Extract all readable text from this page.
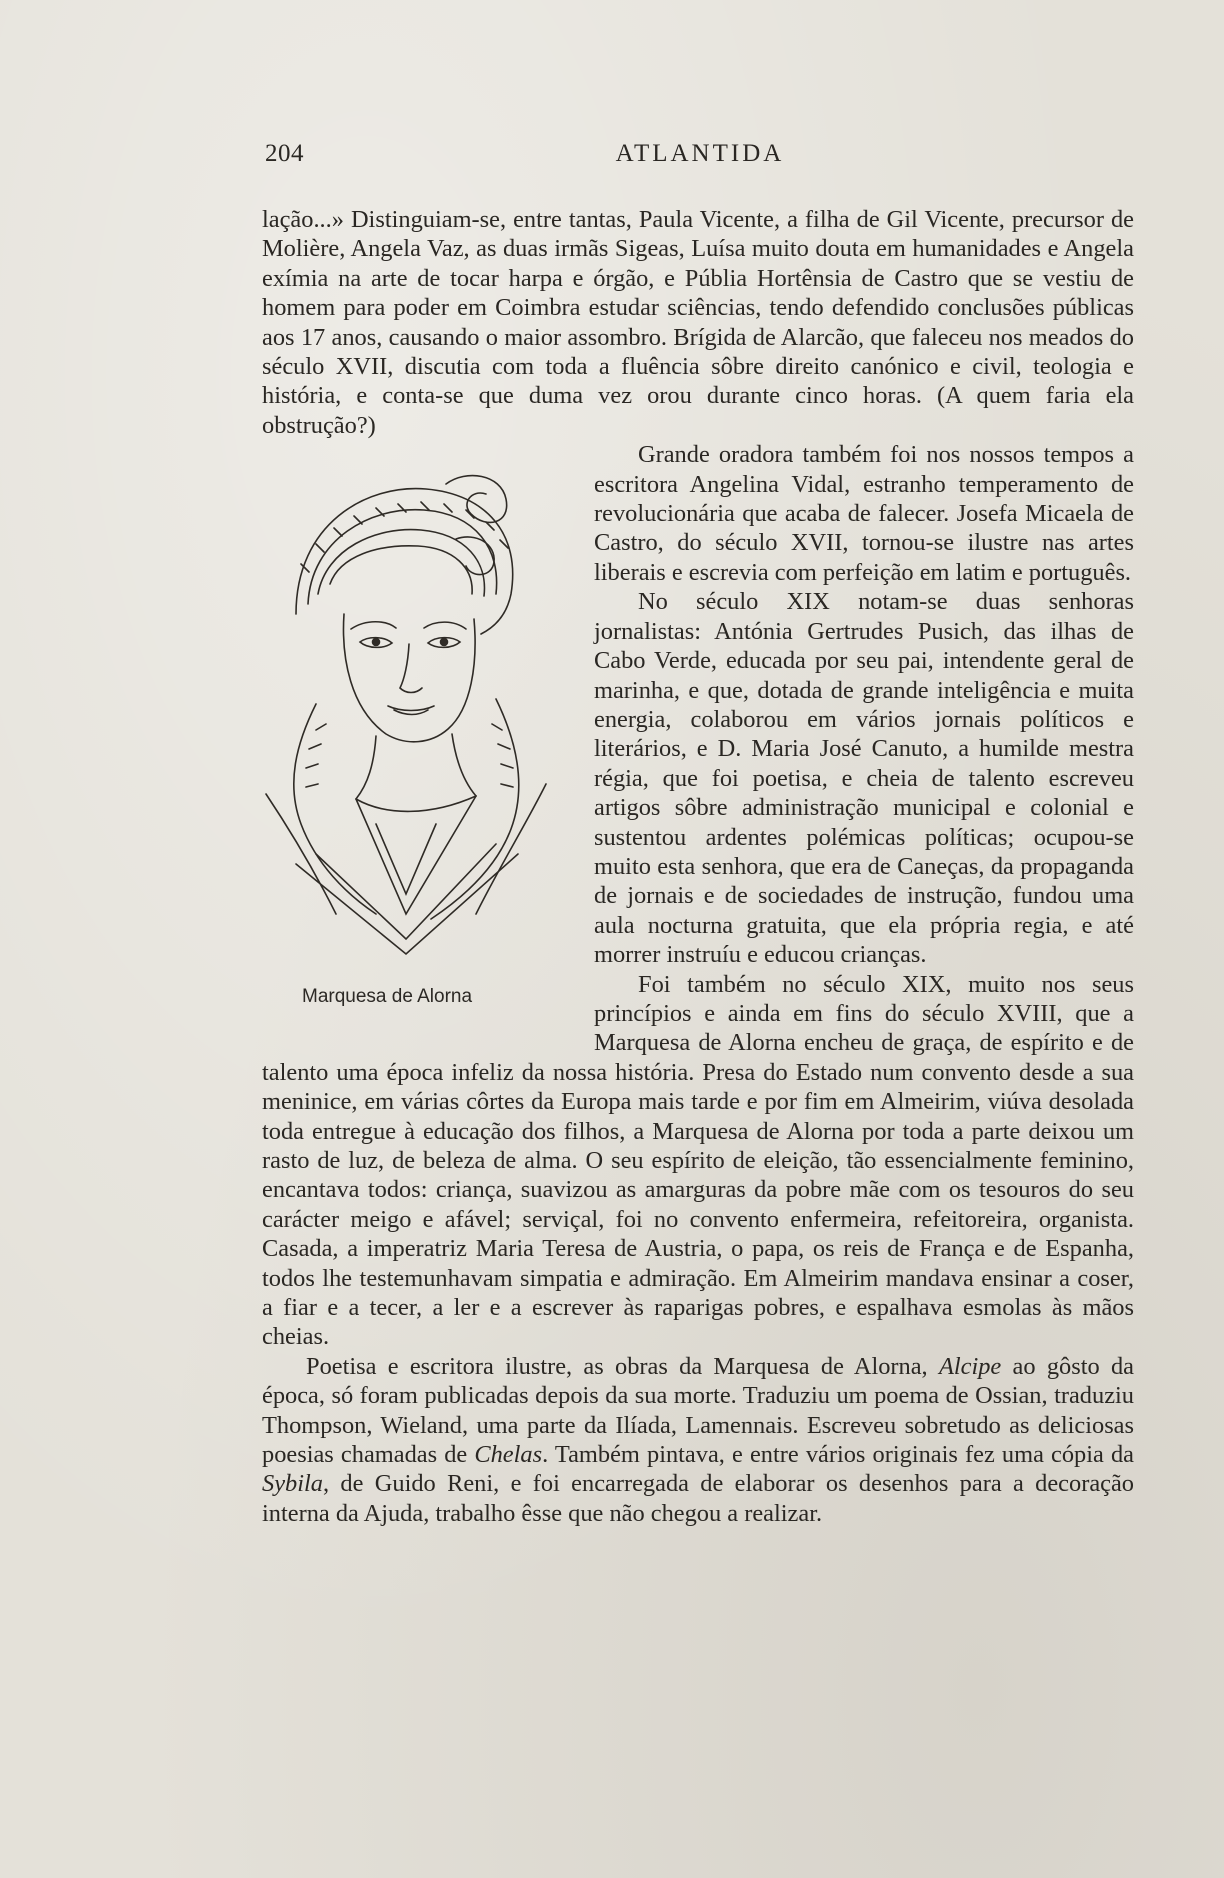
204	ATLANTIDA

lação...» Distinguiam-se, entre tantas, Paula Vicente, a filha de Gil Vicente, precursor de Molière, Angela Vaz, as duas irmãs Sigeas, Luísa muito douta em humanidades e Angela exímia na arte de tocar harpa e órgão, e Públia Hortênsia de Castro que se vestiu de homem para poder em Coimbra estudar sciências, tendo defendido conclusões públicas aos 17 anos, causando o maior assombro. Brígida de Alarcão, que faleceu nos meados do século XVII, discutia com toda a fluência sôbre direito canónico e civil, teologia e história, e conta-se que duma vez orou durante cinco horas. (A quem faria ela obstrução?)

Marquesa de Alorna

Grande oradora também foi nos nossos tempos a escritora Angelina Vidal, estranho temperamento de revolucionária que acaba de falecer. Josefa Micaela de Castro, do século XVII, tornou-se ilustre nas artes liberais e escrevia com perfeição em latim e português.

No século XIX notam-se duas senhoras jornalistas: Antónia Gertrudes Pusich, das ilhas de Cabo Verde, educada por seu pai, intendente geral de marinha, e que, dotada de grande inteligência e muita energia, colaborou em vários jornais políticos e literários, e D. Maria José Canuto, a humilde mestra régia, que foi poetisa, e cheia de talento escreveu artigos sôbre administração municipal e colonial e sustentou ardentes polémicas políticas; ocupou-se muito esta senhora, que era de Caneças, da propaganda de jornais e de sociedades de instrução, fundou uma aula nocturna gratuita, que ela própria regia, e até morrer instruíu e educou crianças.

Foi também no século XIX, muito nos seus princípios e ainda em fins do século XVIII, que a Marquesa de Alorna encheu de graça, de espírito e de talento uma época infeliz da nossa história. Presa do Estado num convento desde a sua meninice, em várias côrtes da Europa mais tarde e por fim em Almeirim, viúva desolada toda entregue à educação dos filhos, a Marquesa de Alorna por toda a parte deixou um rasto de luz, de beleza de alma. O seu espírito de eleição, tão essencialmente feminino, encantava todos: criança, suavizou as amarguras da pobre mãe com os tesouros do seu carácter meigo e afável; serviçal, foi no convento enfermeira, refeitoreira, organista. Casada, a imperatriz Maria Teresa de Austria, o papa, os reis de França e de Espanha, todos lhe testemunhavam simpatia e admiração. Em Almeirim mandava ensinar a coser, a fiar e a tecer, a ler e a escrever às raparigas pobres, e espalhava esmolas às mãos cheias.

Poetisa e escritora ilustre, as obras da Marquesa de Alorna, Alcipe ao gôsto da época, só foram publicadas depois da sua morte. Traduziu um poema de Ossian, traduziu Thompson, Wieland, uma parte da Ilíada, Lamennais. Escreveu sobretudo as deliciosas poesias chamadas de Chelas. Também pintava, e entre vários originais fez uma cópia da Sybila, de Guido Reni, e foi encarregada de elaborar os desenhos para a decoração interna da Ajuda, trabalho êsse que não chegou a realizar.
